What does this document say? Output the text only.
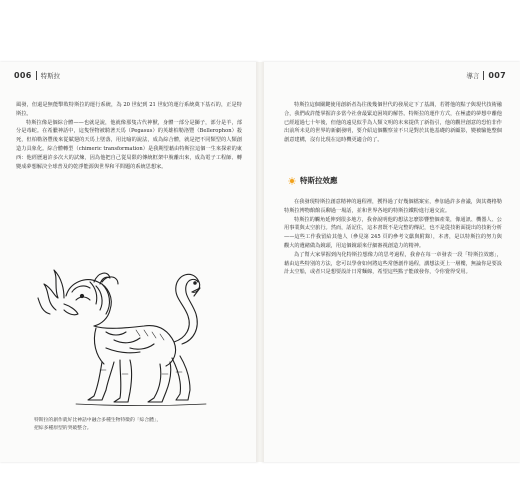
006 特斯拉	導言 007

風發，但還是無能擊敗特斯拉的運行系統，為 20 世紀到 21 世紀的運行系統奠下基石的，正是特斯拉。

特斯拉像是個綜合體——也就是說，他就像那隻古代神獸，身體一部分是獅子，部分是羊，部分是毒蛇。在希臘神話中，這隻怪物被騎著天馬（Pegasus）的英雄柏勒洛豐（Bellerophon）殺死，但柏勒洛豐後來從賦翅的天馬上墜落，用比喻的說法，成為綜合體，就是把不同類型的人類創造力具象化。綜合體轉型（chimeric transformation）是我期望藉由特斯拉這個一生來探索的東西：他經歷過許多次大的試煉，因為他把自己從局限的傳統框架中脫離出來，成為電子工程師、轉變成夢想解決全球普及的乾淨能源與世界和平問題的系統思想家。

特斯拉的創作就好比神話中融合多種生物特徵的「綜合體」，把綜多種原型的突破整合。

特斯拉這個關鍵使用創新者為往後幾個世代的發展定下了基調，若將他的點子與現代技術融合，我們或許能掌握許多當今社會最緊迫困境的解答。特斯拉的運作方式，在極盡的夢想中離他已經超過七十年後，但他的遠見似乎為人類文明的未來提供了新指引，他的觀世創意的恐怕非作出前所未見的世界的新劇發明，要介紹這個觀察並不只是對於其他基礎的新顧影，變被驗他整個創意建構，沒有比現在這時機更適合的了。

特斯拉效應

在我發現特斯拉創意精神的過程裡，獲得過了好幾個檔案室，參加過許多會議，與其賽格勒特斯拉博物館館長聊過一場話，並和世界各地的特斯拉鐵粉進行過交流。

特斯拉的觸角延伸到很多地方，我會說明他的想法怎麼影響整個產業，像通訊、機器人、公用事業與太空旅行。然而，話記住，這本書既不是完整的傳記，也不是從技術面提出的技術分析——這些工作我留給其他人（參見第 245 頁的參考文獻與附錄），本書，是以特斯拉的努力與觀大的遺緒做為鏡頭，用這個鏡頭來仔細審視創造力的精神。

為了幫大家掌握到內化特斯拉想像力的思考過程，我會在每一章發表一段「特斯拉效應」，藉由這些特別的方法，您可以學會如何將這些常態創作過程，講想法更上一層樓，無論你是要設計太空船，或者只是想要設計日常麵線，希望這些點子能啟發你，令你覺得受用。
